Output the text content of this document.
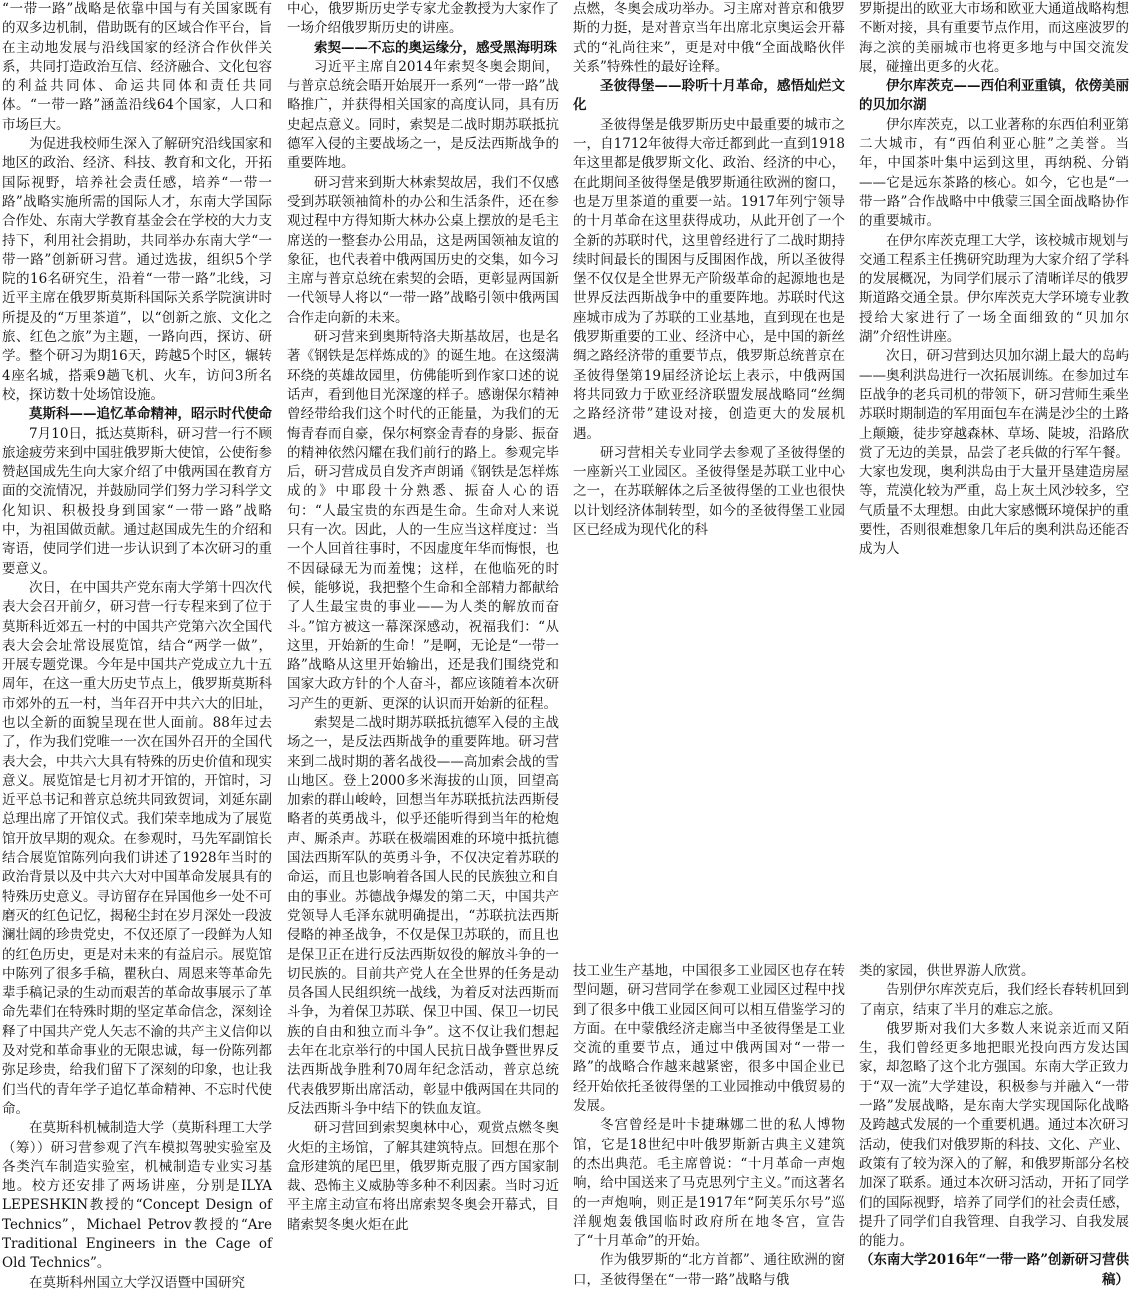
“一带一路”战略是依靠中国与有关国家既有的双多边机制，借助既有的区域合作平台，旨在主动地发展与沿线国家的经济合作伙伴关系，共同打造政治互信、经济融合、文化包容的利益共同体、命运共同体和责任共同体。“一带一路”涵盖沿线64个国家，人口和市场巨大。

为促进我校师生深入了解研究沿线国家和地区的政治、经济、科技、教育和文化，开拓国际视野，培养社会责任感，培养“一带一路”战略实施所需的国际人才，东南大学国际合作处、东南大学教育基金会在学校的大力支持下，利用社会捐助，共同举办东南大学“一带一路”创新研习营。通过选拔，组织5个学院的16名研究生，沿着“一带一路”北线，习近平主席在俄罗斯莫斯科国际关系学院演讲时所提及的“万里茶道”，以“创新之旅、文化之旅、红色之旅”为主题，一路向西，探访、研学。整个研习为期16天，跨越5个时区，辗转4座名城，搭乘9趟飞机、火车，访问3所名校，探访数十处场馆设施。

莫斯科——追忆革命精神，昭示时代使命

7月10日，抵达莫斯科，研习营一行不顾旅途疲劳来到中国驻俄罗斯大使馆，公使衔参赞赵国成先生向大家介绍了中俄两国在教育方面的交流情况，并鼓励同学们努力学习科学文化知识、积极投身到国家“一带一路”战略中，为祖国做贡献。通过赵国成先生的介绍和寄语，使同学们进一步认识到了本次研习的重要意义。

次日，在中国共产党东南大学第十四次代表大会召开前夕，研习营一行专程来到了位于莫斯科近郊五一村的中国共产党第六次全国代表大会会址常设展览馆，结合“两学一做”，开展专题党课。今年是中国共产党成立九十五周年，在这一重大历史节点上，俄罗斯莫斯科市郊外的五一村，当年召开中共六大的旧址，也以全新的面貌呈现在世人面前。88年过去了，作为我们党唯一一次在国外召开的全国代表大会，中共六大具有特殊的历史价值和现实意义。展览馆是七月初才开馆的，开馆时，习近平总书记和普京总统共同致贺词，刘延东副总理出席了开馆仪式。我们荣幸地成为了展览馆开放早期的观众。在参观时，马先军副馆长结合展览馆陈列向我们讲述了1928年当时的政治背景以及中共六大对中国革命发展具有的特殊历史意义。寻访留存在异国他乡一处不可磨灭的红色记忆，揭秘尘封在岁月深处一段波澜壮阔的珍贵党史，不仅还原了一段鲜为人知的红色历史，更是对未来的有益启示。展览馆中陈列了很多手稿，瞿秋白、周恩来等革命先辈手稿记录的生动而艰苦的革命故事展示了革命先辈们在特殊时期的坚定革命信念，深刻诠释了中国共产党人矢志不渝的共产主义信仰以及对党和革命事业的无限忠诚，每一份陈列都弥足珍贵，给我们留下了深刻的印象，也让我们当代的青年学子追忆革命精神、不忘时代使命。

在莫斯科机械制造大学（莫斯科理工大学（筹））研习营参观了汽车模拟驾驶实验室及各类汽车制造实验室，机械制造专业实习基地。校方还安排了两场讲座，分别是ILYA LEPESHKIN教授的“Concept Design of Technics”，Michael Petrov教授的“Are Traditional Engineers in the Cage of Old Technics”。

在莫斯科州国立大学汉语暨中国研究

中心，俄罗斯历史学专家尤金教授为大家作了一场介绍俄罗斯历史的讲座。

索契——不忘的奥运缘分，感受黑海明珠

习近平主席自2014年索契冬奥会期间，与普京总统会晤开始展开一系列“一带一路”战略推广，并获得相关国家的高度认同，具有历史起点意义。同时，索契是二战时期苏联抵抗德军入侵的主要战场之一，是反法西斯战争的重要阵地。

研习营来到斯大林索契故居，我们不仅感受到苏联领袖简朴的办公和生活条件，还在参观过程中方得知斯大林办公桌上摆放的是毛主席送的一整套办公用品，这是两国领袖友谊的象征，也代表着中俄两国历史的交集，如今习主席与普京总统在索契的会晤，更彰显两国新一代领导人将以“一带一路”战略引领中俄两国合作走向新的未来。

研习营来到奥斯特洛夫斯基故居，也是名著《钢铁是怎样炼成的》的诞生地。在这缀满环绕的英雄故园里，仿佛能听到作家口述的说话声，看到他目光深邃的样子。感谢保尔精神曾经带给我们这个时代的正能量，为我们的无悔青春而自豪，保尔柯察金青春的身影、振奋的精神依然闪耀在我们前行的路上。参观完毕后，研习营成员自发齐声朗诵《钢铁是怎样炼成的》中耶段十分熟悉、振奋人心的语句：“人最宝贵的东西是生命。生命对人来说只有一次。因此，人的一生应当这样度过：当一个人回首往事时，不因虚度年华而悔恨，也不因碌碌无为而羞愧；这样，在他临死的时候，能够说，我把整个生命和全部精力都献给了人生最宝贵的事业——为人类的解放而奋斗。”馆方被这一幕深深感动，祝福我们：“从这里，开始新的生命！”是啊，无论是“一带一路”战略从这里开始输出，还是我们围绕党和国家大政方针的个人奋斗，都应该随着本次研习产生的更新、更深的认识而开始新的征程。

索契是二战时期苏联抵抗德军入侵的主战场之一，是反法西斯战争的重要阵地。研习营来到二战时期的著名战役——高加索会战的雪山地区。登上2000多米海拔的山顶，回望高加索的群山峻岭，回想当年苏联抵抗法西斯侵略者的英勇战斗，似乎还能听得到当年的枪炮声、厮杀声。苏联在极端困难的环境中抵抗德国法西斯军队的英勇斗争，不仅决定着苏联的命运，而且也影响着各国人民的民族独立和自由的事业。苏德战争爆发的第二天，中国共产党领导人毛泽东就明确提出，“苏联抗法西斯侵略的神圣战争，不仅是保卫苏联的，而且也是保卫正在进行反法西斯奴役的解放斗争的一切民族的。目前共产党人在全世界的任务是动员各国人民组织统一战线，为着反对法西斯而斗争，为着保卫苏联、保卫中国、保卫一切民族的自由和独立而斗争”。这不仅让我们想起去年在北京举行的中国人民抗日战争暨世界反法西斯战争胜利70周年纪念活动，普京总统代表俄罗斯出席活动，彰显中俄两国在共同的反法西斯斗争中结下的铁血友谊。

研习营回到索契奥林中心，观赏点燃冬奥火炬的主场馆，了解其建筑特点。回想在那个盒形建筑的尾巴里，俄罗斯克服了西方国家制裁、恐怖主义威胁等多种不利因素。当时习近平主席主动宣布将出席索契冬奥会开幕式，目睹索契冬奥火炬在此

点燃，冬奥会成功举办。习主席对普京和俄罗斯的力挺，是对普京当年出席北京奥运会开幕式的“礼尚往来”，更是对中俄“全面战略伙伴关系”特殊性的最好诠释。

圣彼得堡——聆听十月革命，感悟灿烂文化

圣彼得堡是俄罗斯历史中最重要的城市之一，自1712年彼得大帝迁都到此一直到1918年这里都是俄罗斯文化、政治、经济的中心，在此期间圣彼得堡是俄罗斯通往欧洲的窗口，也是万里茶道的重要一站。1917年列宁领导的十月革命在这里获得成功，从此开创了一个全新的苏联时代，这里曾经进行了二战时期持续时间最长的围困与反围困作战，所以圣彼得堡不仅仅是全世界无产阶级革命的起源地也是世界反法西斯战争中的重要阵地。苏联时代这座城市成为了苏联的工业基地，直到现在也是俄罗斯重要的工业、经济中心，是中国的新丝绸之路经济带的重要节点，俄罗斯总统普京在圣彼得堡第19届经济论坛上表示，中俄两国将共同致力于欧亚经济联盟发展战略同“丝绸之路经济带”建设对接，创造更大的发展机遇。

研习营相关专业同学去参观了圣彼得堡的一座新兴工业园区。圣彼得堡是苏联工业中心之一，在苏联解体之后圣彼得堡的工业也很快以计划经济体制转型，如今的圣彼得堡工业园区已经成为现代化的科

罗斯提出的欧亚大市场和欧亚大通道战略构想不断对接，具有重要节点作用，而这座波罗的海之滨的美丽城市也将更多地与中国交流发展，碰撞出更多的火花。

伊尔库茨克——西伯利亚重镇，依傍美丽的贝加尔湖

伊尔库茨克，以工业著称的东西伯利亚第二大城市，有“西伯利亚心脏”之美誉。当年，中国茶叶集中运到这里，再纳税、分销——它是远东茶路的核心。如今，它也是“一带一路”合作战略中中俄蒙三国全面战略协作的重要城市。

在伊尔库茨克理工大学，该校城市规划与交通工程系主任携研究助理为大家介绍了学科的发展概况，为同学们展示了清晰详尽的俄罗斯道路交通全景。伊尔库茨克大学环境专业教授给大家进行了一场全面细致的“贝加尔湖”介绍性讲座。

次日，研习营到达贝加尔湖上最大的岛屿——奥利洪岛进行一次拓展训练。在参加过车臣战争的老兵司机的带领下，研习营师生乘坐苏联时期制造的军用面包车在满是沙尘的土路上颠簸，徒步穿越森林、草场、陡坡，沿路欣赏了无边的美景，品尝了老兵做的行军午餐。大家也发现，奥利洪岛由于大量开垦建造房屋等，荒漠化较为严重，岛上灰土风沙较多，空气质量不太理想。由此大家感慨环境保护的重要性，否则很难想象几年后的奥利洪岛还能否成为人

技工业生产基地，中国很多工业园区也存在转型问题，研习营同学在参观工业园区过程中找到了很多中俄工业园区间可以相互借鉴学习的方面。在中蒙俄经济走廊当中圣彼得堡是工业交流的重要节点，通过中俄两国对“一带一路”的战略合作越来越紧密，很多中国企业已经开始依托圣彼得堡的工业园推动中俄贸易的发展。

冬宫曾经是叶卡捷琳娜二世的私人博物馆，它是18世纪中叶俄罗斯新古典主义建筑的杰出典范。毛主席曾说：“十月革命一声炮响，给中国送来了马克思列宁主义。”而这著名的一声炮响，则正是1917年“阿芙乐尔号”巡洋舰炮轰俄国临时政府所在地冬宫，宣告了“十月革命”的开始。

作为俄罗斯的“北方首都”、通往欧洲的窗口，圣彼得堡在“一带一路”战略与俄

类的家园，供世界游人欣赏。

告别伊尔库茨克后，我们经长春转机回到了南京，结束了半月的难忘之旅。

俄罗斯对我们大多数人来说亲近而又陌生，我们曾经更多地把眼光投向西方发达国家，却忽略了这个北方强国。东南大学正致力于“双一流”大学建设，积极参与并融入“一带一路”发展战略，是东南大学实现国际化战略及跨越式发展的一个重要机遇。通过本次研习活动，使我们对俄罗斯的科技、文化、产业、政策有了较为深入的了解，和俄罗斯部分名校加深了联系。通过本次研习活动，开拓了同学们的国际视野，培养了同学们的社会责任感，提升了同学们自我管理、自我学习、自我发展的能力。

（东南大学2016年“一带一路”创新研习营供稿）
